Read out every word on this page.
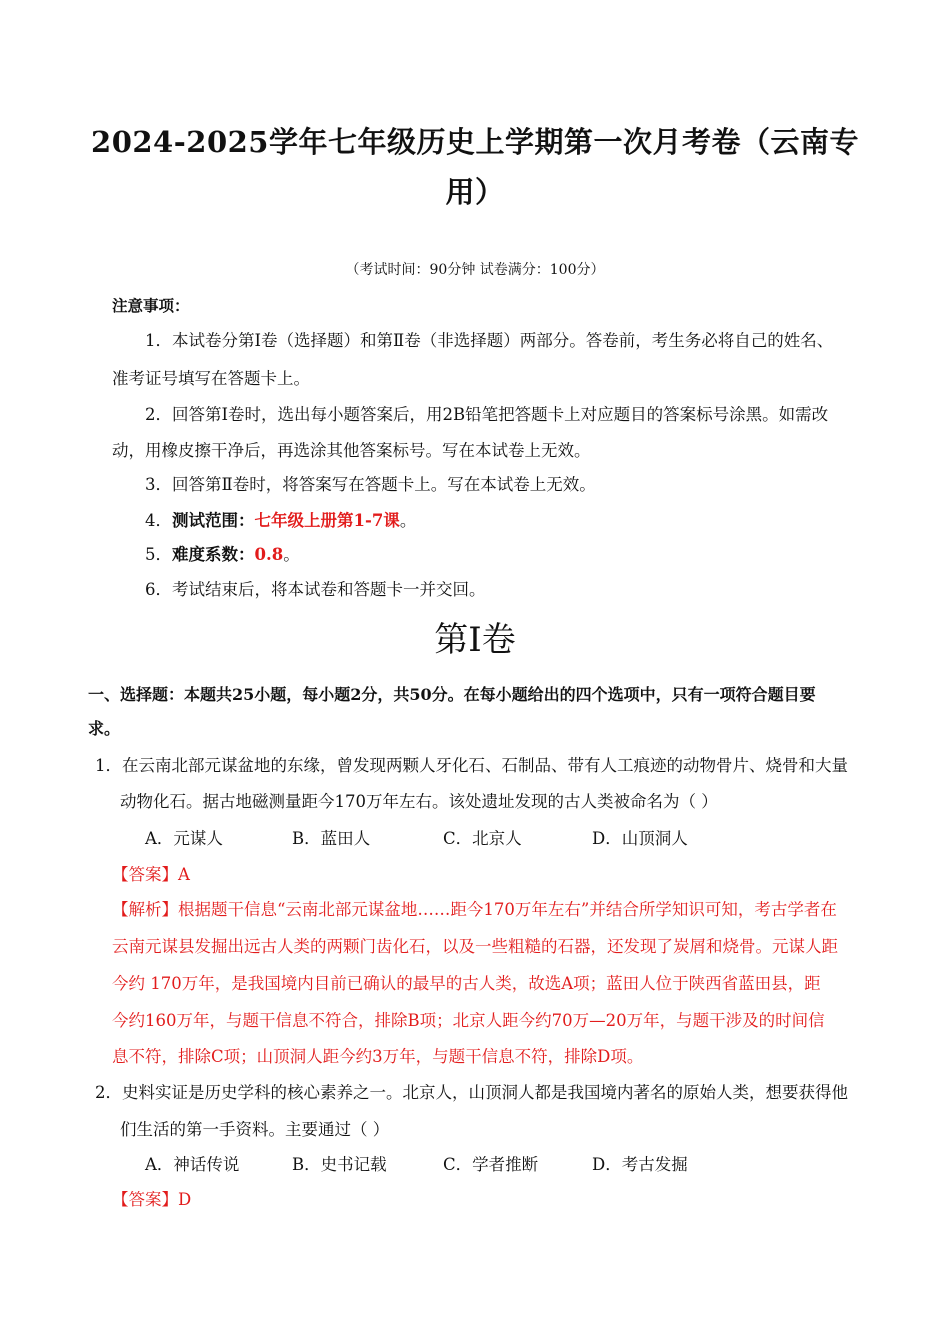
2024-2025学年七年级历史上学期第一次月考卷（云南专
用）
（考试时间：90分钟 试卷满分：100分）
注意事项：
1．本试卷分第Ⅰ卷（选择题）和第Ⅱ卷（非选择题）两部分。答卷前，考生务必将自己的姓名、
准考证号填写在答题卡上。
2．回答第Ⅰ卷时，选出每小题答案后，用2B铅笔把答题卡上对应题目的答案标号涂黑。如需改
动，用橡皮擦干净后，再选涂其他答案标号。写在本试卷上无效。
3．回答第Ⅱ卷时，将答案写在答题卡上。写在本试卷上无效。
4．测试范围：七年级上册第1-7课。
5．难度系数：0.8。
6．考试结束后，将本试卷和答题卡一并交回。
第Ⅰ卷
一、选择题：本题共25小题，每小题2分，共50分。在每小题给出的四个选项中，只有一项符合题目要
求。
1．在云南北部元谋盆地的东缘，曾发现两颗人牙化石、石制品、带有人工痕迹的动物骨片、烧骨和大量
动物化石。据古地磁测量距今170万年左右。该处遗址发现的古人类被命名为（ ）
A．元谋人	B．蓝田人	C．北京人	D．山顶洞人
【答案】A
【解析】根据题干信息“云南北部元谋盆地……距今170万年左右”并结合所学知识可知，考古学者在
云南元谋县发掘出远古人类的两颗门齿化石，以及一些粗糙的石器，还发现了炭屑和烧骨。元谋人距
今约 170万年，是我国境内目前已确认的最早的古人类，故选A项；蓝田人位于陕西省蓝田县，距
今约160万年，与题干信息不符合，排除B项；北京人距今约70万—20万年，与题干涉及的时间信
息不符，排除C项；山顶洞人距今约3万年，与题干信息不符，排除D项。
2．史料实证是历史学科的核心素养之一。北京人，山顶洞人都是我国境内著名的原始人类，想要获得他
们生活的第一手资料。主要通过（ ）
A．神话传说	B．史书记载	C．学者推断	D．考古发掘
【答案】D
